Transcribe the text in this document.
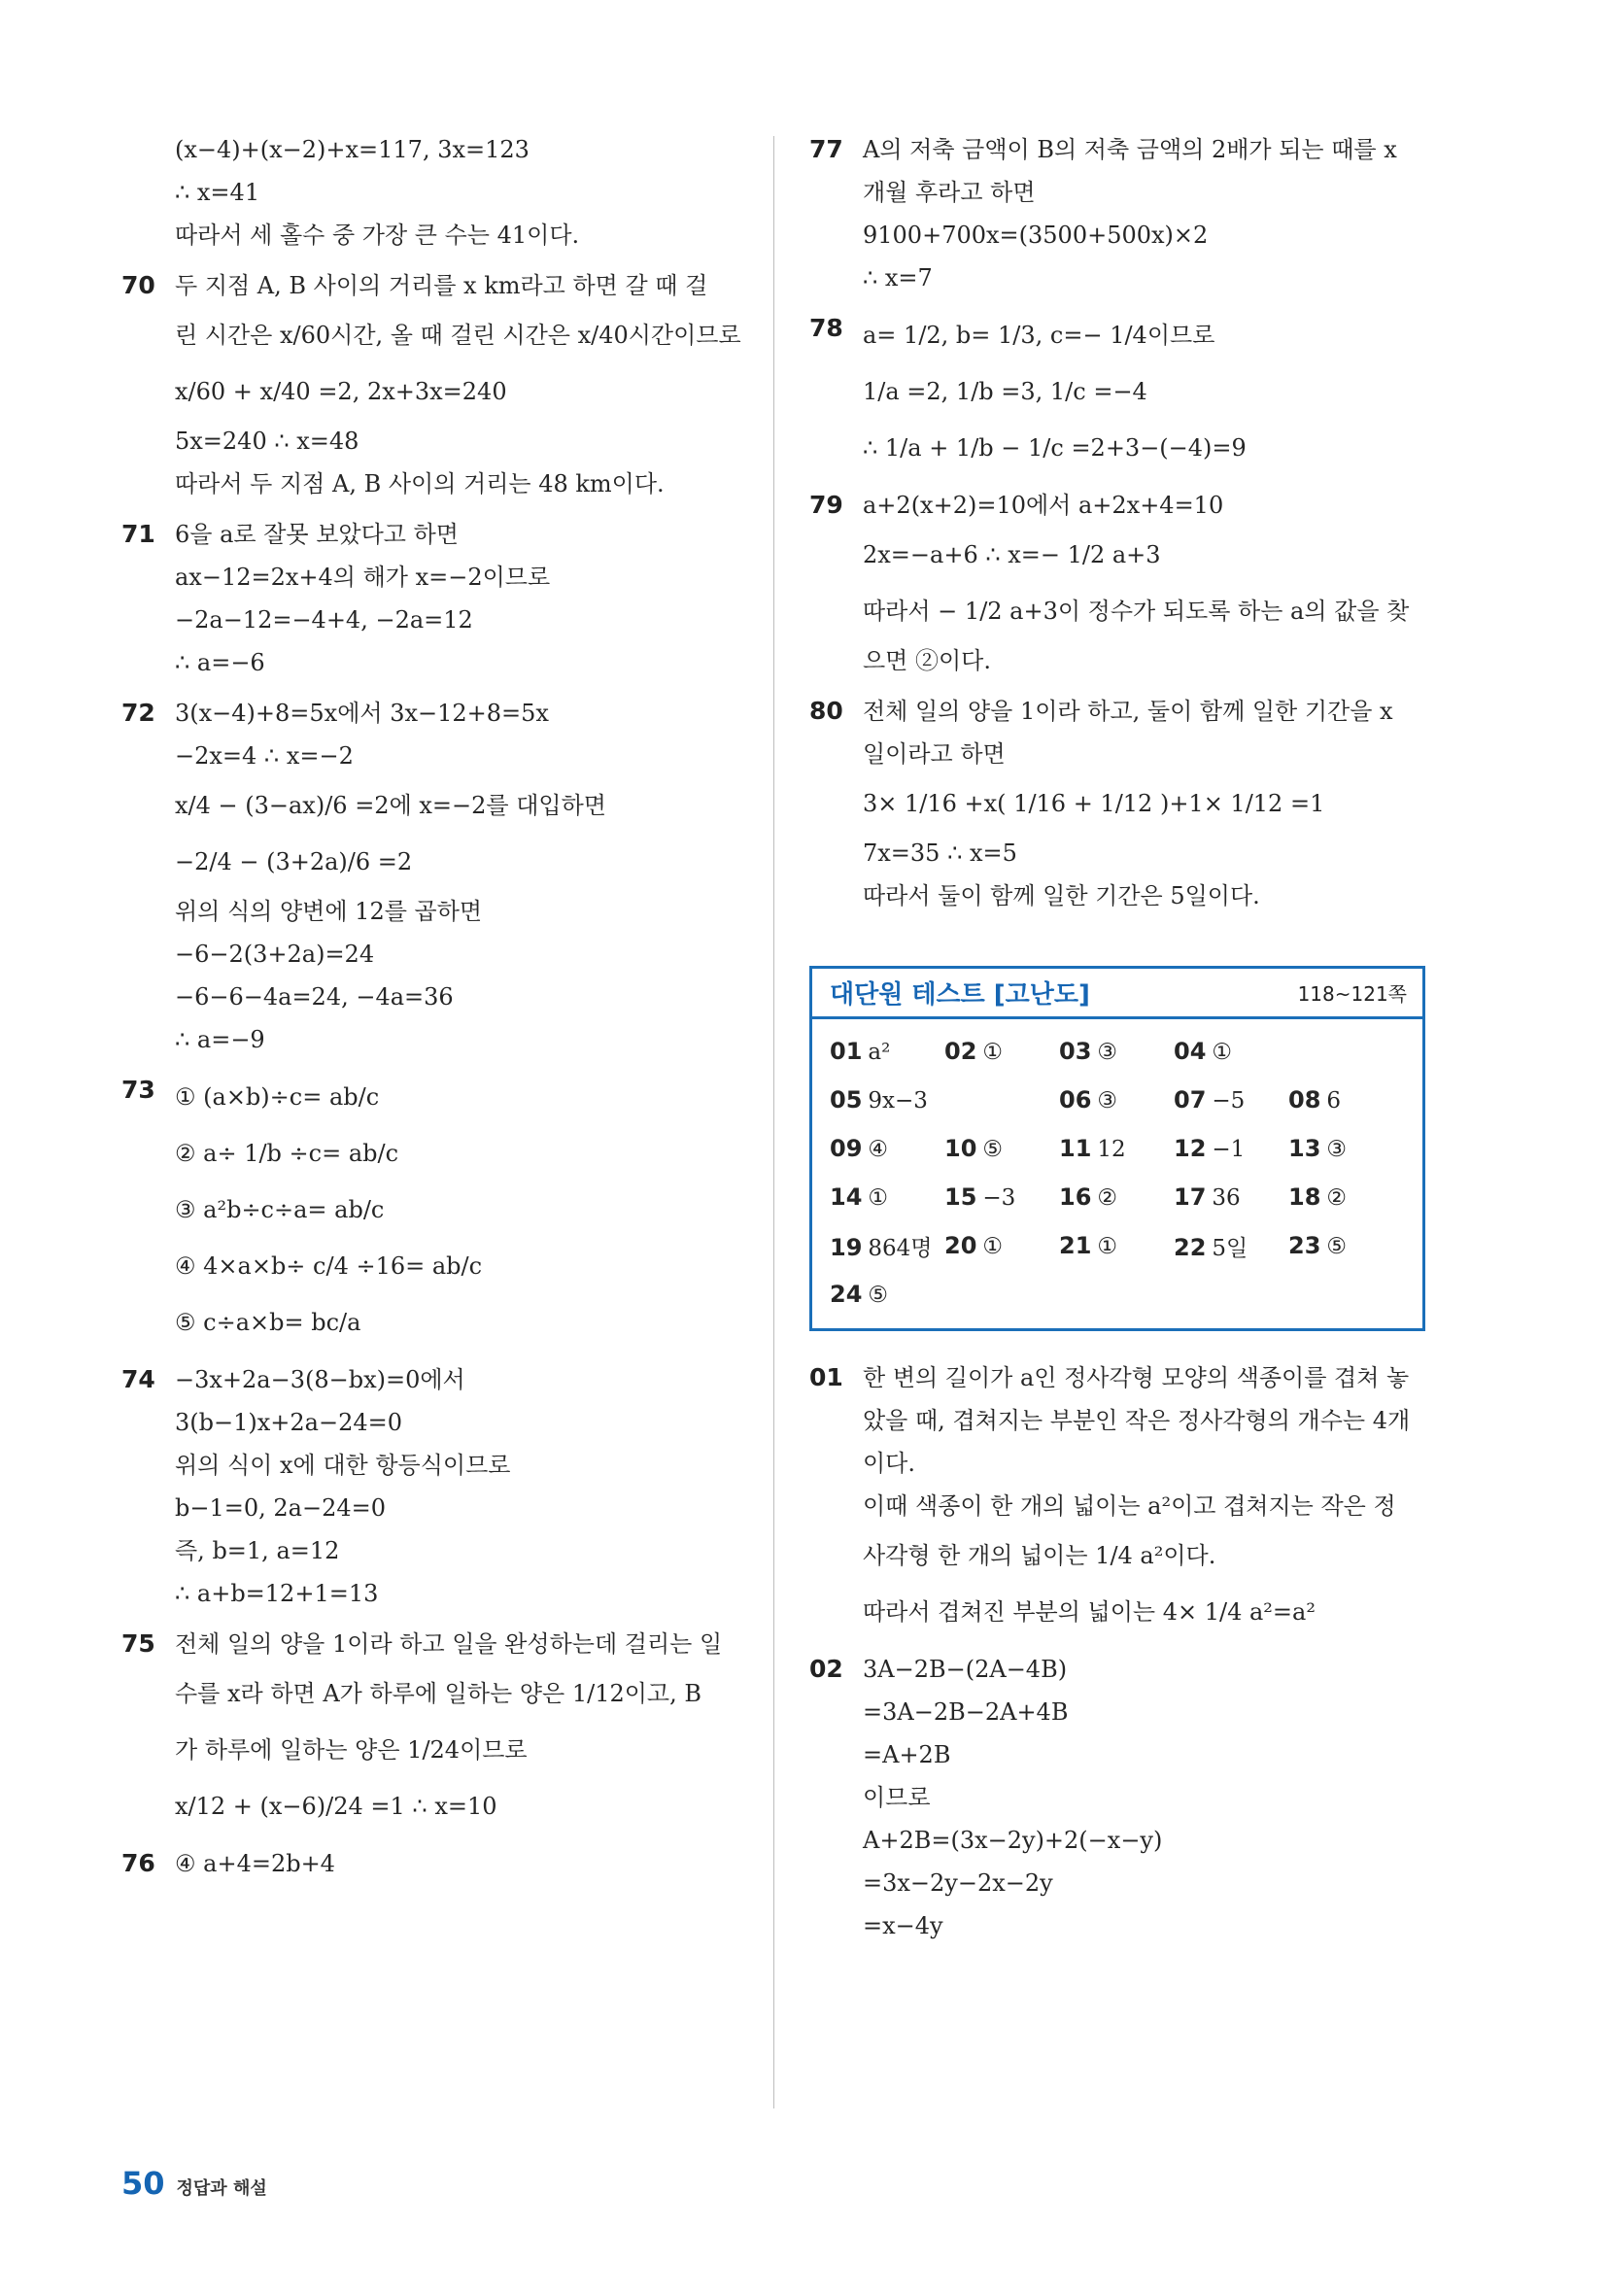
(x−4)+(x−2)+x=117, 3x=123
∴ x=41
따라서 세 홀수 중 가장 큰 수는 41이다.
70 두 지점 A, B 사이의 거리를 x km라고 하면 갈 때 걸
린 시간은 x/60시간, 올 때 걸린 시간은 x/40시간이므로
x/60 + x/40 =2, 2x+3x=240
5x=240 ∴ x=48
따라서 두 지점 A, B 사이의 거리는 48 km이다.
71 6을 a로 잘못 보았다고 하면
ax−12=2x+4의 해가 x=−2이므로
−2a−12=−4+4, −2a=12
∴ a=−6
72 3(x−4)+8=5x에서 3x−12+8=5x
−2x=4 ∴ x=−2
x/4 − (3−ax)/6 =2에 x=−2를 대입하면
−2/4 − (3+2a)/6 =2
위의 식의 양변에 12를 곱하면
−6−2(3+2a)=24
−6−6−4a=24, −4a=36
∴ a=−9
73 ① (a×b)÷c= ab/c
② a÷ 1/b ÷c= ab/c
③ a²b÷c÷a= ab/c
④ 4×a×b÷ c/4 ÷16= ab/c
⑤ c÷a×b= bc/a
74 −3x+2a−3(8−bx)=0에서
3(b−1)x+2a−24=0
위의 식이 x에 대한 항등식이므로
b−1=0, 2a−24=0
즉, b=1, a=12
∴ a+b=12+1=13
75 전체 일의 양을 1이라 하고 일을 완성하는데 걸리는 일
수를 x라 하면 A가 하루에 일하는 양은 1/12이고, B
가 하루에 일하는 양은 1/24이므로
x/12 + (x−6)/24 =1 ∴ x=10
76 ④ a+4=2b+4
77 A의 저축 금액이 B의 저축 금액의 2배가 되는 때를 x
개월 후라고 하면
9100+700x=(3500+500x)×2
∴ x=7
78 a= 1/2, b= 1/3, c=− 1/4이므로
1/a =2, 1/b =3, 1/c =−4
∴ 1/a + 1/b − 1/c =2+3−(−4)=9
79 a+2(x+2)=10에서 a+2x+4=10
2x=−a+6 ∴ x=− 1/2 a+3
따라서 − 1/2 a+3이 정수가 되도록 하는 a의 값을 찾
으면 ②이다.
80 전체 일의 양을 1이라 하고, 둘이 함께 일한 기간을 x
일이라고 하면
3× 1/16 +x( 1/16 + 1/12 )+1× 1/12 =1
7x=35 ∴ x=5
따라서 둘이 함께 일한 기간은 5일이다.
대단원 테스트 [고난도]	118~121쪽
01 a²	02 ①	03 ③	04 ①
05 9x−3	06 ③	07 −5	08 6
09 ④	10 ⑤	11 12	12 −1	13 ③
14 ①	15 −3	16 ②	17 36	18 ②
19 864명 20 ①	21 ①	22 5일	23 ⑤
24 ⑤
01 한 변의 길이가 a인 정사각형 모양의 색종이를 겹쳐 놓
았을 때, 겹쳐지는 부분인 작은 정사각형의 개수는 4개
이다.
이때 색종이 한 개의 넓이는 a²이고 겹쳐지는 작은 정
사각형 한 개의 넓이는 1/4 a²이다.
따라서 겹쳐진 부분의 넓이는 4× 1/4 a²=a²
02 3A−2B−(2A−4B)
=3A−2B−2A+4B
=A+2B
이므로
A+2B=(3x−2y)+2(−x−y)
=3x−2y−2x−2y
=x−4y
50 정답과 해설
